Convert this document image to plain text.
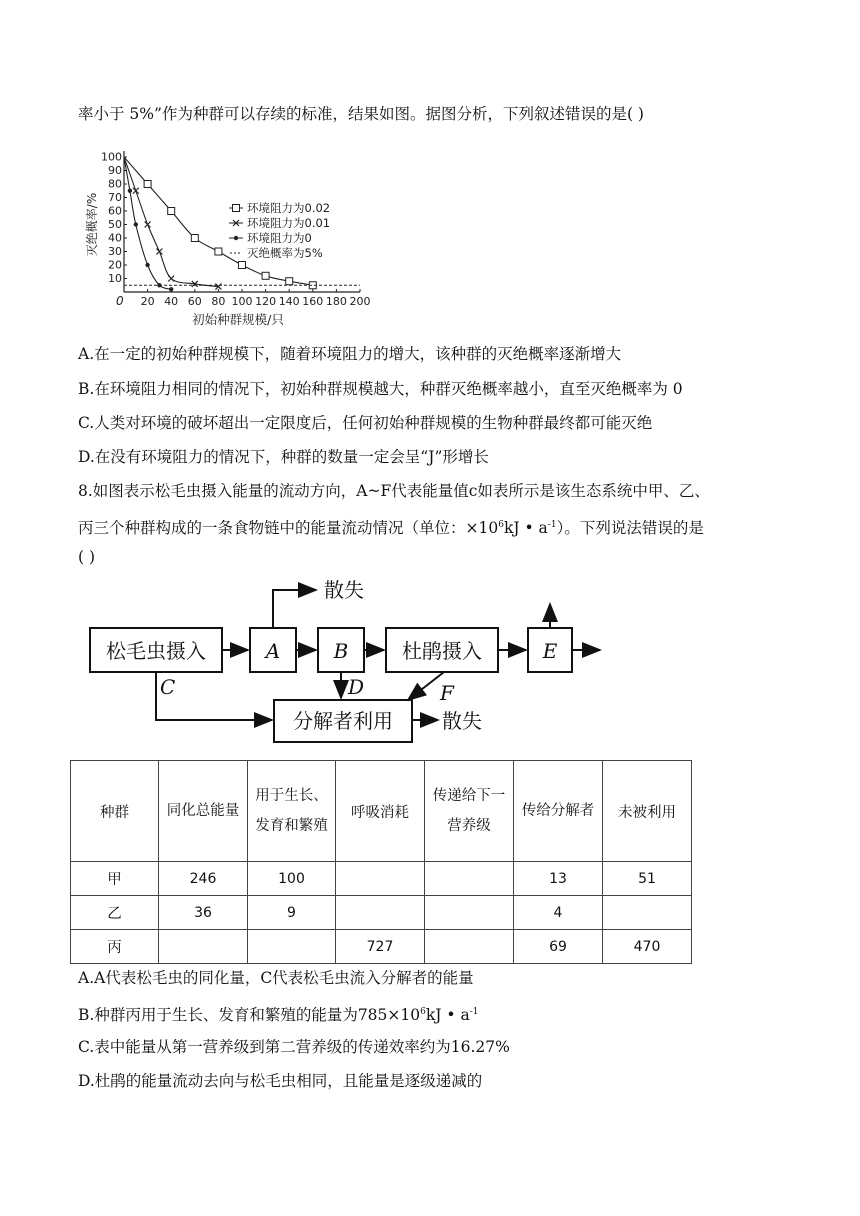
率小于 5%”作为种群可以存续的标准，结果如图。据图分析，下列叙述错误的是( )
10
20
30
40
50
60
70
80
90
100
20 40 60 80 100 120 140 160 180 200
0
初始种群规模/只
灭绝概率/%	环境阻力为0.02
环境阻力为0.01
环境阻力为0
灭绝概率为5%
A.在一定的初始种群规模下，随着环境阻力的增大，该种群的灭绝概率逐渐增大
B.在环境阻力相同的情况下，初始种群规模越大，种群灭绝概率越小，直至灭绝概率为 0
C.人类对环境的破坏超出一定限度后，任何初始种群规模的生物种群最终都可能灭绝
D.在没有环境阻力的情况下，种群的数量一定会呈“J”形增长
8.如图表示松毛虫摄入能量的流动方向，A~F代表能量值c如表所示是该生态系统中甲、乙、
丙三个种群构成的一条食物链中的能量流动情况（单位：$\times 10^6kJ$ • $a^{-1}$）。下列说法错误的是
( )
松毛虫摄入	A	B	杜鹃摄入	E
分解者利用
散失
散失
C	D	F
种群	同化总能量	用于生长、发育和繁殖	呼吸消耗	传递给下一营养级	传给分解者	未被利用
甲	246	100			13	51
乙	36	9			4	
丙			727		69	470
A.A代表松毛虫的同化量，C代表松毛虫流入分解者的能量
B.种群丙用于生长、发育和繁殖的能量为$785\times 10^6kJ$ • $a^{-1}$
C.表中能量从第一营养级到第二营养级的传递效率约为16.27%
D.杜鹃的能量流动去向与松毛虫相同，且能量是逐级递减的
